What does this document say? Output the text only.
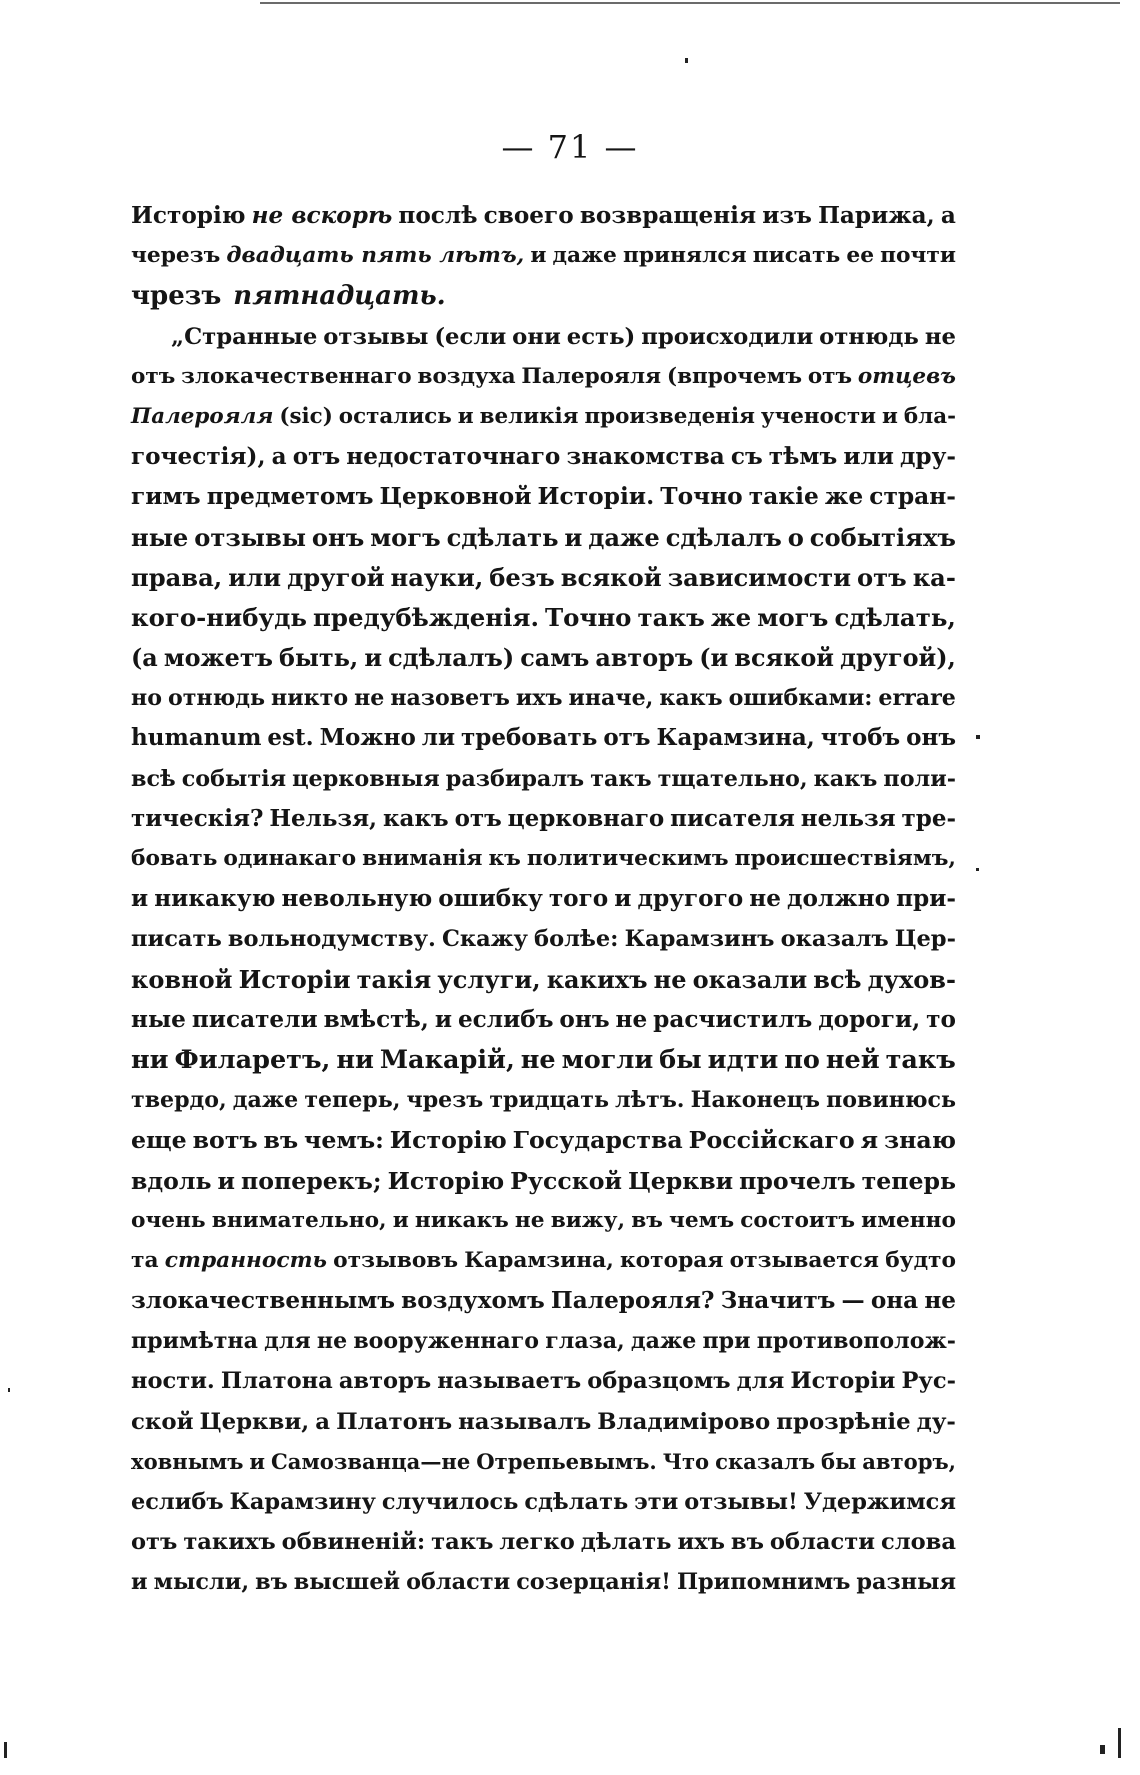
— 71 —
Исторію не вскорѣ послѣ своего возвращенія изъ Парижа, а
черезъ двадцать пять лѣтъ, и даже принялся писать ее почти
чрезъ пятнадцать.
„Странные отзывы (если они есть) происходили отнюдь не
отъ злокачественнаго воздуха Палерояля (впрочемъ отъ отцевъ
Палерояля (sic) остались и великія произведенія учености и бла-
гочестія), а отъ недостаточнаго знакомства съ тѣмъ или дру-
гимъ предметомъ Церковной Исторіи. Точно такіе же стран-
ные отзывы онъ могъ сдѣлать и даже сдѣлалъ о событіяхъ
права, или другой науки, безъ всякой зависимости отъ ка-
кого-нибудь предубѣжденія. Точно такъ же могъ сдѣлать,
(а можетъ быть, и сдѣлалъ) самъ авторъ (и всякой другой),
но отнюдь никто не назоветъ ихъ иначе, какъ ошибками: errare
humanum est. Можно ли требовать отъ Карамзина, чтобъ онъ
всѣ событія церковныя разбиралъ такъ тщательно, какъ поли-
тическія? Нельзя, какъ отъ церковнаго писателя нельзя тре-
бовать одинакаго вниманія къ политическимъ происшествіямъ,
и никакую невольную ошибку того и другого не должно при-
писать вольнодумству. Скажу болѣе: Карамзинъ оказалъ Цер-
ковной Исторіи такія услуги, какихъ не оказали всѣ духов-
ные писатели вмѣстѣ, и еслибъ онъ не расчистилъ дороги, то
ни Филаретъ, ни Макарій, не могли бы идти по ней такъ
твердо, даже теперь, чрезъ тридцать лѣтъ. Наконецъ повинюсь
еще вотъ въ чемъ: Исторію Государства Россійскаго я знаю
вдоль и поперекъ; Исторію Русской Церкви прочелъ теперь
очень внимательно, и никакъ не вижу, въ чемъ состоитъ именно
та странность отзывовъ Карамзина, которая отзывается будто
злокачественнымъ воздухомъ Палерояля? Значитъ — она не
примѣтна для не вооруженнаго глаза, даже при противополож-
ности. Платона авторъ называетъ образцомъ для Исторіи Рус-
ской Церкви, а Платонъ называлъ Владимірово прозрѣніе ду-
ховнымъ и Самозванца—не Отрепьевымъ. Что сказалъ бы авторъ,
еслибъ Карамзину случилось сдѣлать эти отзывы! Удержимся
отъ такихъ обвиненій: такъ легко дѣлать ихъ въ области слова
и мысли, въ высшей области созерцанія! Припомнимъ разныя
